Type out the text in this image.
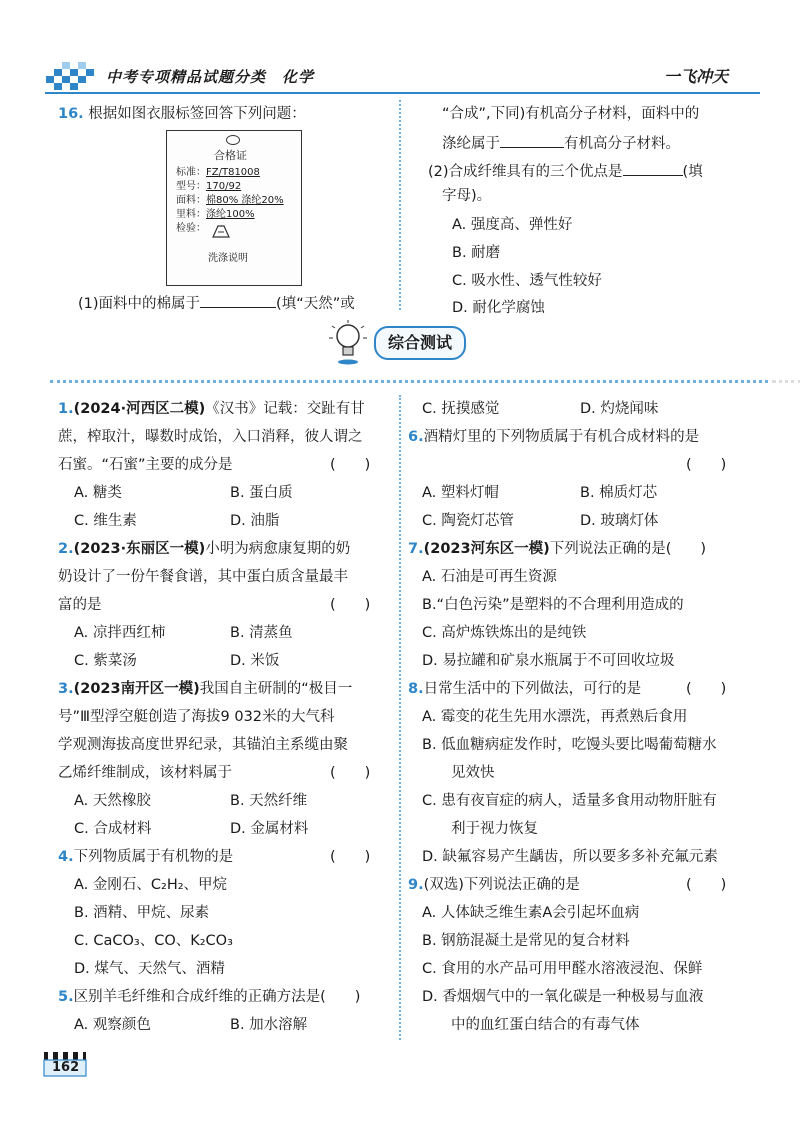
中考专项精品试题分类　化学	一飞冲天
16. 根据如图衣服标签回答下列问题：
合格证
标准：FZ/T81008
型号：170/92
面料：棉80% 涤纶20%
里料：涤纶100%
检验：
洗涤说明
(1)面料中的棉属于	(填“天然”或
“合成”,下同)有机高分子材料，面料中的
涤纶属于	有机高分子材料。
(2)合成纤维具有的三个优点是	(填
字母)。
A. 强度高、弹性好
B. 耐磨
C. 吸水性、透气性较好
D. 耐化学腐蚀
综合测试
1.(2024·河西区二模)《汉书》记载：交趾有甘
蔗，榨取汁，曝数时成饴，入口消释，彼人谓之
石蜜。“石蜜”主要的成分是	(　　)
A. 糖类	B. 蛋白质
C. 维生素	D. 油脂
2.(2023·东丽区一模)小明为病愈康复期的奶
奶设计了一份午餐食谱，其中蛋白质含量最丰
富的是	(　　)
A. 凉拌西红柿	B. 清蒸鱼
C. 紫菜汤	D. 米饭
3.(2023南开区一模)我国自主研制的“极目一
号”Ⅲ型浮空艇创造了海拔9 032米的大气科
学观测海拔高度世界纪录，其锚泊主系缆由聚
乙烯纤维制成，该材料属于	(　　)
A. 天然橡胶	B. 天然纤维
C. 合成材料	D. 金属材料
4.下列物质属于有机物的是	(　　)
A. 金刚石、C₂H₂、甲烷
B. 酒精、甲烷、尿素
C. CaCO₃、CO、K₂CO₃
D. 煤气、天然气、酒精
5.区别羊毛纤维和合成纤维的正确方法是(　　)
A. 观察颜色	B. 加水溶解
C. 抚摸感觉	D. 灼烧闻味
6.酒精灯里的下列物质属于有机合成材料的是
(　　)
A. 塑料灯帽	B. 棉质灯芯
C. 陶瓷灯芯管	D. 玻璃灯体
7.(2023河东区一模)下列说法正确的是(　　)
A. 石油是可再生资源
B.“白色污染”是塑料的不合理利用造成的
C. 高炉炼铁炼出的是纯铁
D. 易拉罐和矿泉水瓶属于不可回收垃圾
8.日常生活中的下列做法，可行的是	(　　)
A. 霉变的花生先用水漂洗，再煮熟后食用
B. 低血糖病症发作时，吃馒头要比喝葡萄糖水
　　见效快
C. 患有夜盲症的病人，适量多食用动物肝脏有
　　利于视力恢复
D. 缺氟容易产生龋齿，所以要多多补充氟元素
9.(双选)下列说法正确的是	(　　)
A. 人体缺乏维生素A会引起坏血病
B. 钢筋混凝土是常见的复合材料
C. 食用的水产品可用甲醛水溶液浸泡、保鲜
D. 香烟烟气中的一氧化碳是一种极易与血液
　　中的血红蛋白结合的有毒气体
162
